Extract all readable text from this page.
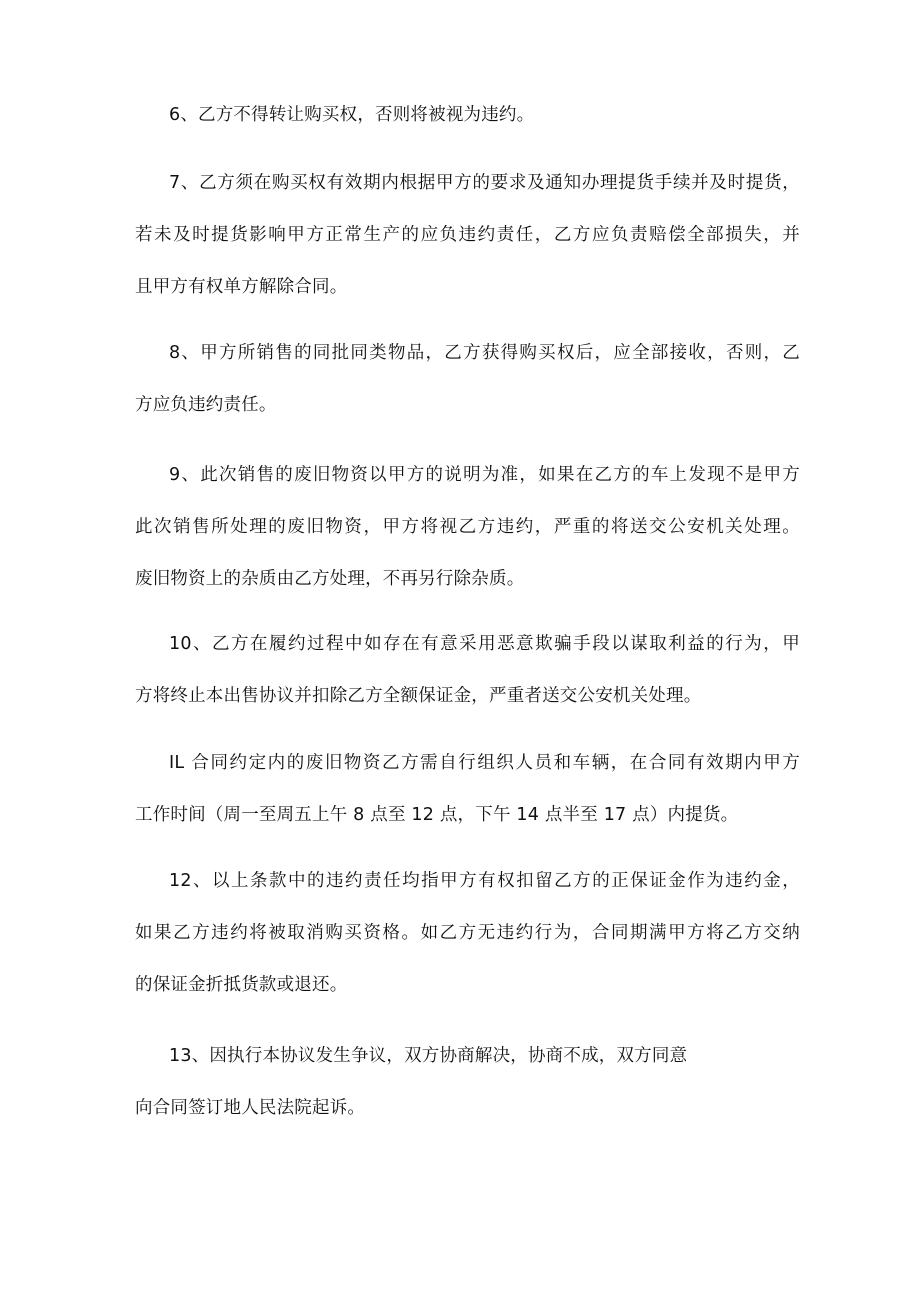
6、乙方不得转让购买权，否则将被视为违约。
7、乙方须在购买权有效期内根据甲方的要求及通知办理提货手续并及时提货，
若未及时提货影响甲方正常生产的应负违约责任，乙方应负责赔偿全部损失，并
且甲方有权单方解除合同。
8、甲方所销售的同批同类物品，乙方获得购买权后，应全部接收，否则，乙
方应负违约责任。
9、此次销售的废旧物资以甲方的说明为准，如果在乙方的车上发现不是甲方
此次销售所处理的废旧物资，甲方将视乙方违约，严重的将送交公安机关处理。
废旧物资上的杂质由乙方处理，不再另行除杂质。
10、乙方在履约过程中如存在有意采用恶意欺骗手段以谋取利益的行为，甲
方将终止本出售协议并扣除乙方全额保证金，严重者送交公安机关处理。
IL 合同约定内的废旧物资乙方需自行组织人员和车辆，在合同有效期内甲方
工作时间（周一至周五上午 8 点至 12 点，下午 14 点半至 17 点）内提货。
12、以上条款中的违约责任均指甲方有权扣留乙方的正保证金作为违约金，
如果乙方违约将被取消购买资格。如乙方无违约行为，合同期满甲方将乙方交纳
的保证金折抵货款或退还。
13、因执行本协议发生争议，双方协商解决，协商不成，双方同意
向合同签订地人民法院起诉。
